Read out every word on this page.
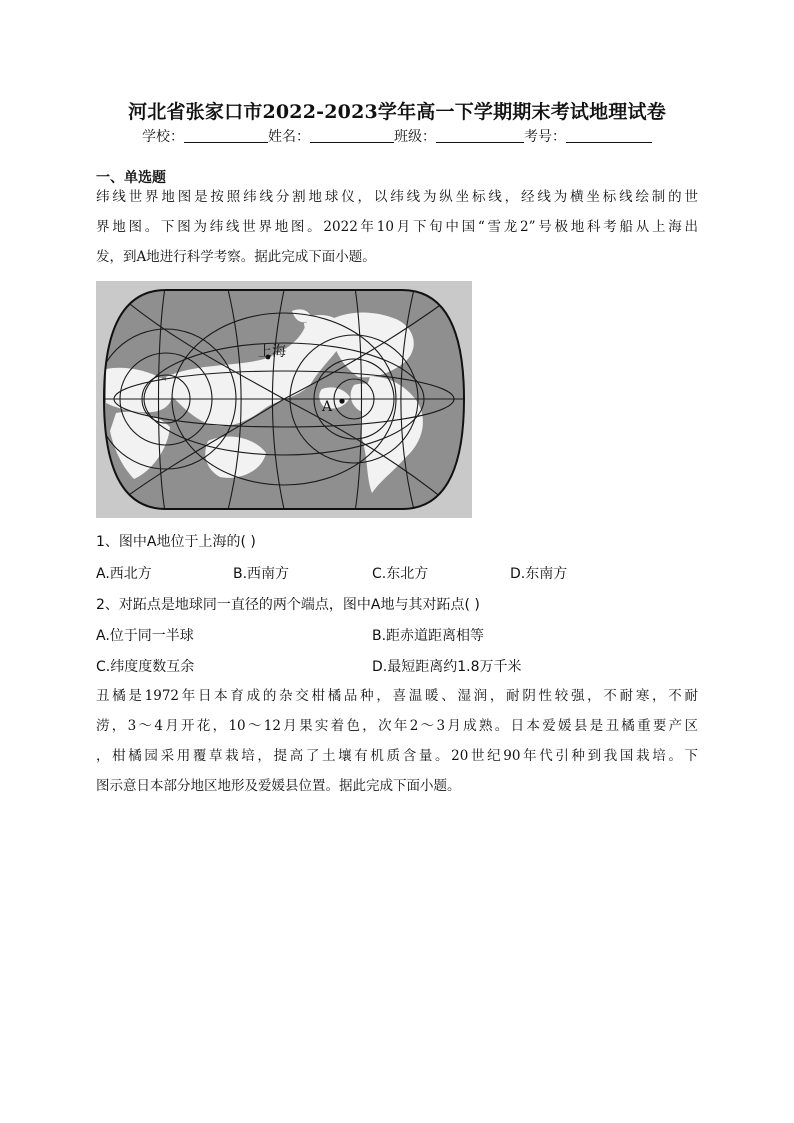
河北省张家口市2022-2023学年高一下学期期末考试地理试卷
学校：	姓名：	班级：	考号：
一、单选题
纬线世界地图是按照纬线分割地球仪，以纬线为纵坐标线，经线为横坐标线绘制的世
界地图。下图为纬线世界地图。2022年10月下旬中国“雪龙2”号极地科考船从上海出
发，到A地进行科学考察。据此完成下面小题。
上海
A
1、图中A地位于上海的( )
A.西北方	B.西南方	C.东北方	D.东南方
2、对跖点是地球同一直径的两个端点，图中A地与其对跖点( )
A.位于同一半球	B.距赤道距离相等
C.纬度度数互余	D.最短距离约1.8万千米
丑橘是1972年日本育成的杂交柑橘品种，喜温暖、湿润，耐阴性较强，不耐寒，不耐
涝，3～4月开花，10～12月果实着色，次年2～3月成熟。日本爱媛县是丑橘重要产区
，柑橘园采用覆草栽培，提高了土壤有机质含量。20世纪90年代引种到我国栽培。下
图示意日本部分地区地形及爱媛县位置。据此完成下面小题。
